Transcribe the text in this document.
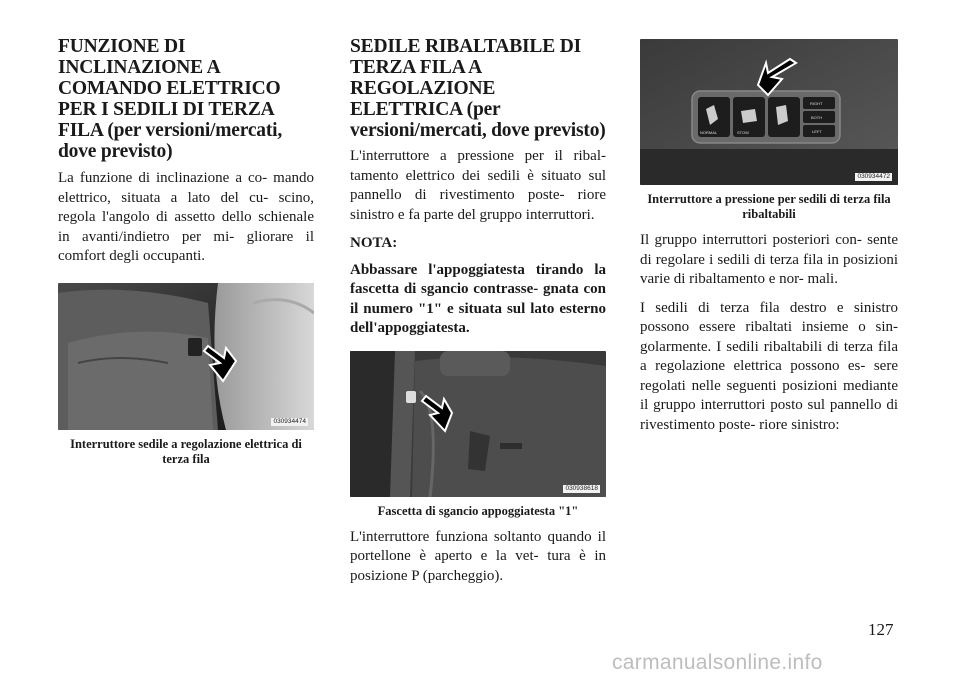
FUNZIONE DI INCLINAZIONE A COMANDO ELETTRICO PER I SEDILI DI TERZA FILA (per versioni/mercati, dove previsto)

La funzione di inclinazione a co- mando elettrico, situata a lato del cu- scino, regola l'angolo di assetto dello schienale in avanti/indietro per mi- gliorare il comfort degli occupanti.

030934474
Interruttore sedile a regolazione elettrica di terza fila
SEDILE RIBALTABILE DI TERZA FILA A REGOLAZIONE ELETTRICA (per versioni/mercati, dove previsto)

L'interruttore a pressione per il ribal- tamento elettrico dei sedili è situato sul pannello di rivestimento poste- riore sinistro e fa parte del gruppo interruttori.

NOTA:

Abbassare l'appoggiatesta tirando la fascetta di sgancio contrasse- gnata con il numero "1" e situata sul lato esterno dell'appoggiatesta.

030938618
Fascetta di sgancio appoggiatesta "1"

L'interruttore funziona soltanto quando il portellone è aperto e la vet- tura è in posizione P (parcheggio).

NORMAL	STOW
RIGHT
BOTH
LEFT
030934472
Interruttore a pressione per sedili di terza fila ribaltabili

Il gruppo interruttori posteriori con- sente di regolare i sedili di terza fila in posizioni varie di ribaltamento e nor- mali.

I sedili di terza fila destro e sinistro possono essere ribaltati insieme o sin- golarmente. I sedili ribaltabili di terza fila a regolazione elettrica possono es- sere regolati nelle seguenti posizioni mediante il gruppo interruttori posto sul pannello di rivestimento poste- riore sinistro:

127
carmanualsonline.info
